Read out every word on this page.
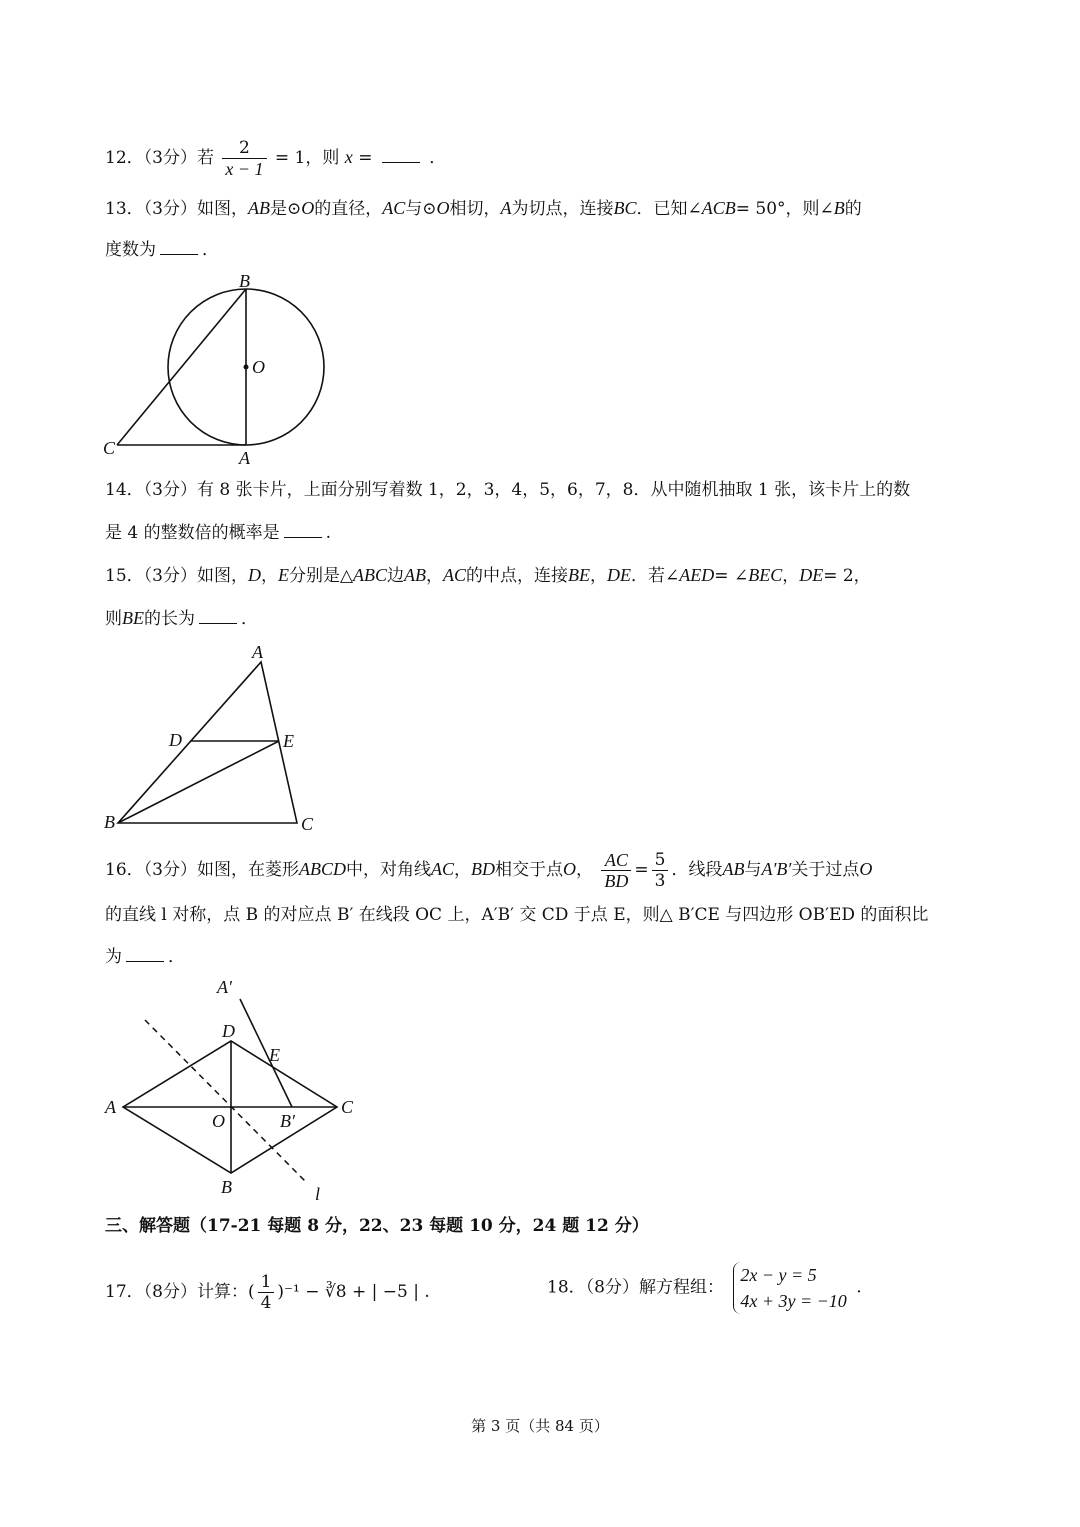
12．（3分）若 $\frac{2}{x - 1} = 1$，则 x =	．
13．（3分）如图，AB是⊙O的直径，AC与⊙O相切，A为切点，连接BC．已知∠ACB= 50°，则∠B的
度数为	．
B
O
C	A
14．（3分）有 8 张卡片，上面分别写着数 1，2，3，4，5，6，7，8．从中随机抽取 1 张，该卡片上的数
是 4 的整数倍的概率是	.
15．（3分）如图，D，E分别是△ABC边AB，AC的中点，连接BE，DE．若∠AED= ∠BEC，DE= 2，
则BE的长为	．
A
D	E
B	C
16．（3分）如图，在菱形ABCD中，对角线AC，BD相交于点O， $\frac{AC}{BD} = \frac{5}{3}$ ．线段AB与A′B′关于过点O
的直线 l 对称，点 B 的对应点 B′ 在线段 OC 上，A′B′ 交 CD 于点 E，则△ B′CE 与四边形 OB′ED 的面积比
为	．
A′
D
E
A
O	B′
C
B	l
三、解答题（17-21 每题 8 分，22、23 每题 10 分，24 题 12 分）
17．（8分）计算：( $\frac{1}{4} )^{-1}$ − ∛8 + | −5 | .	18．（8分）解方程组：
2x − y = 5
4x + 3y = −10
.
第 3 页（共 84 页）
